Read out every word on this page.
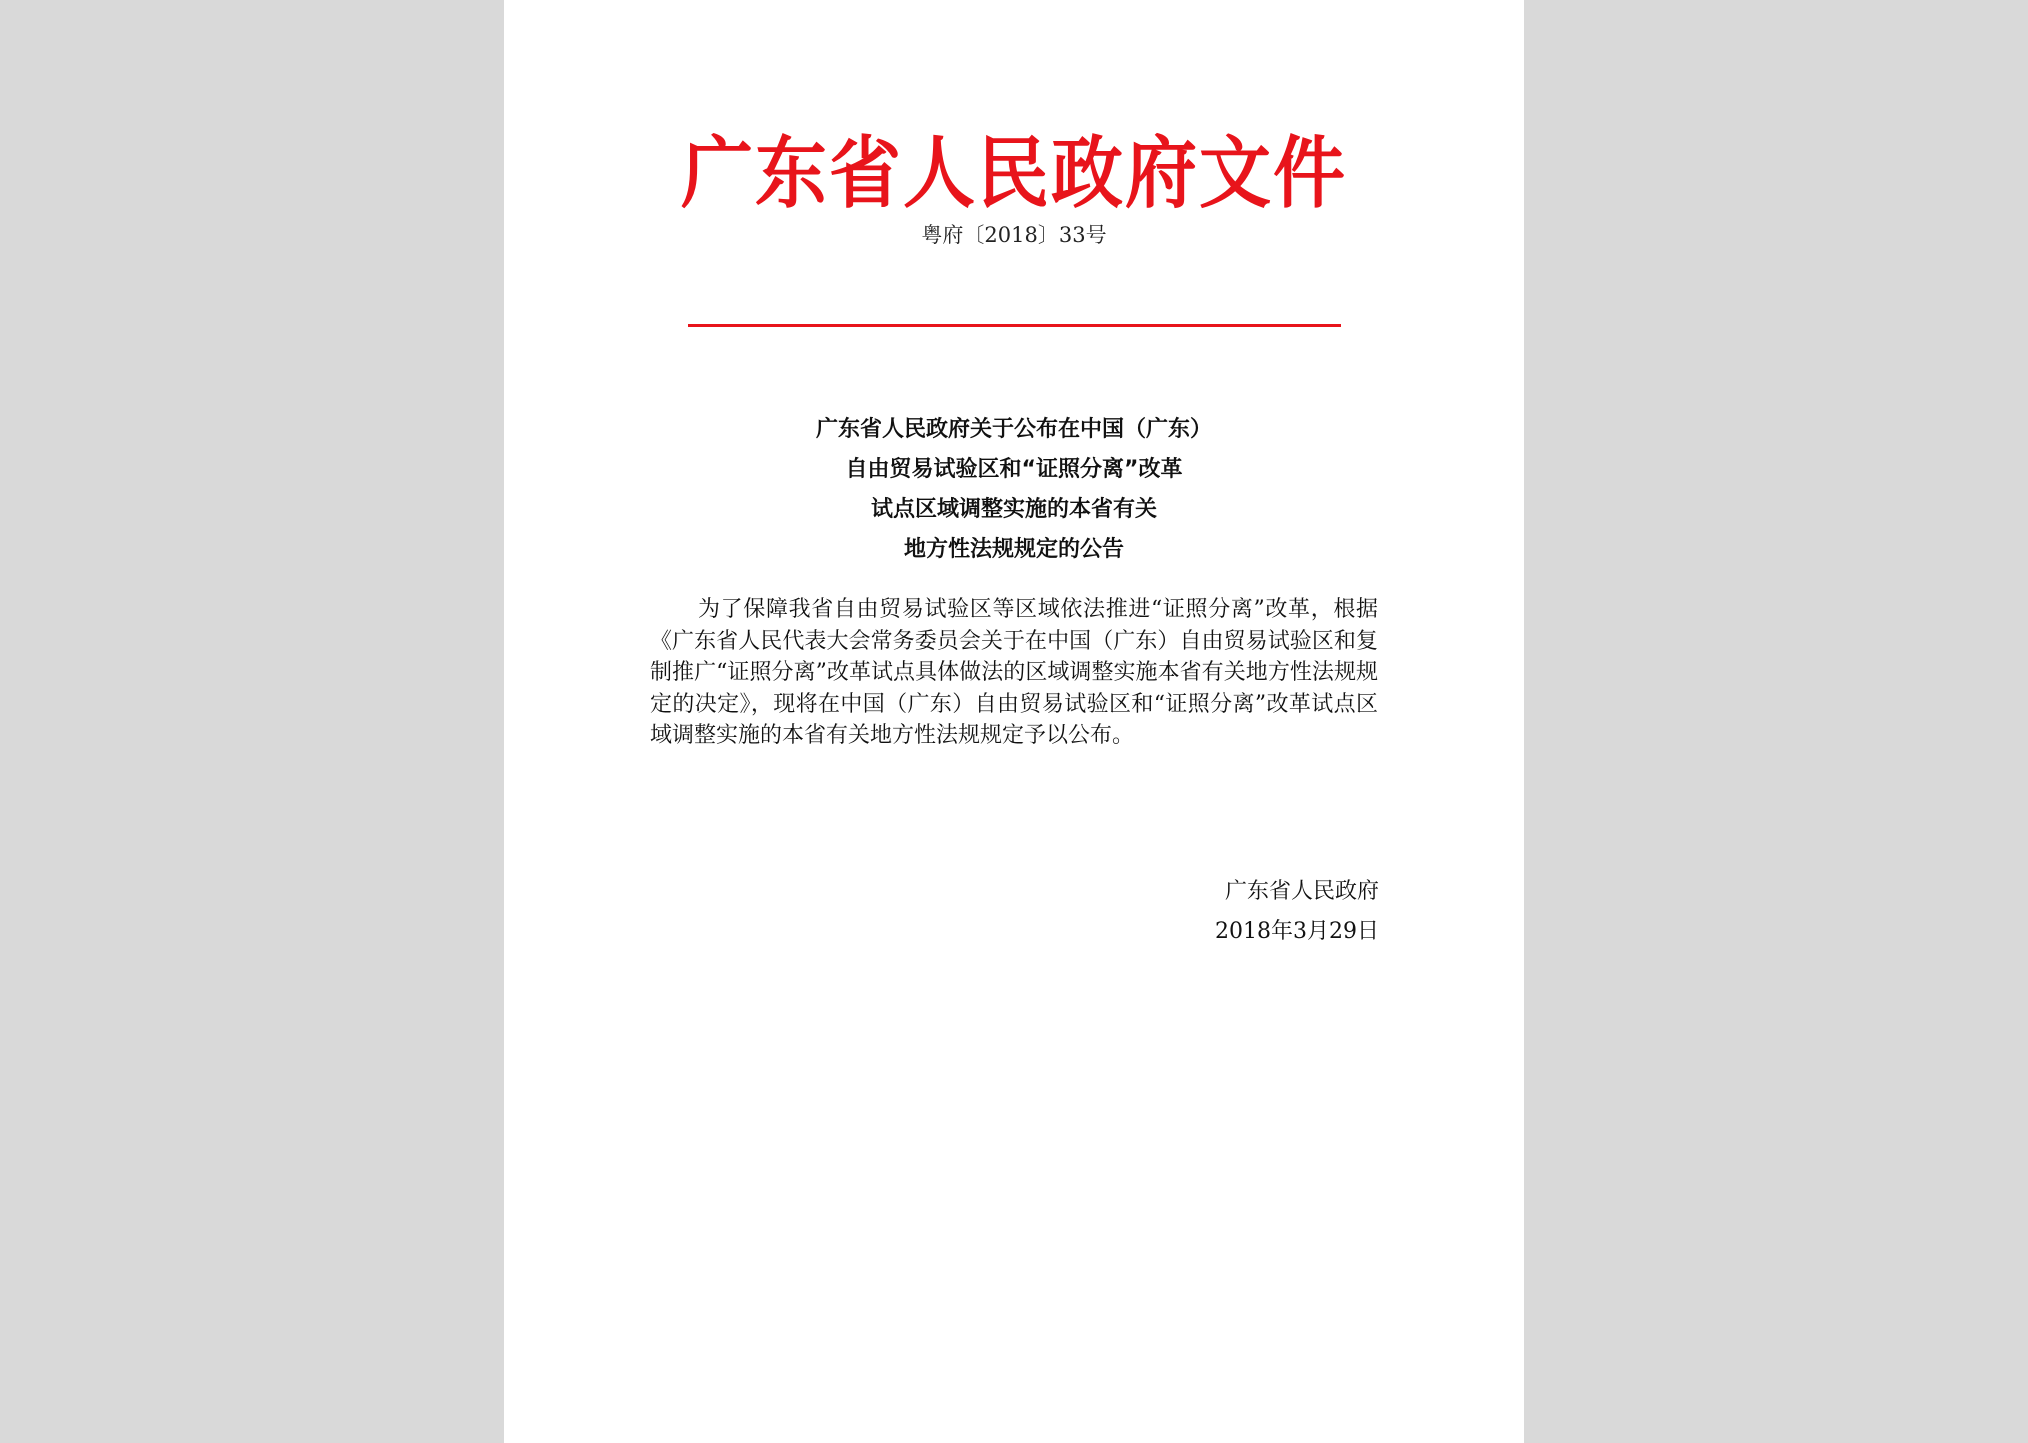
广东省人民政府文件
粤府〔2018〕33号
广东省人民政府关于公布在中国（广东）
自由贸易试验区和“证照分离”改革
试点区域调整实施的本省有关
地方性法规规定的公告

为了保障我省自由贸易试验区等区域依法推进“证照分离”改革，根据《广东省人民代表大会常务委员会关于在中国（广东）自由贸易试验区和复制推广“证照分离”改革试点具体做法的区域调整实施本省有关地方性法规规定的决定》，现将在中国（广东）自由贸易试验区和“证照分离”改革试点区域调整实施的本省有关地方性法规规定予以公布。

广东省人民政府
2018年3月29日
